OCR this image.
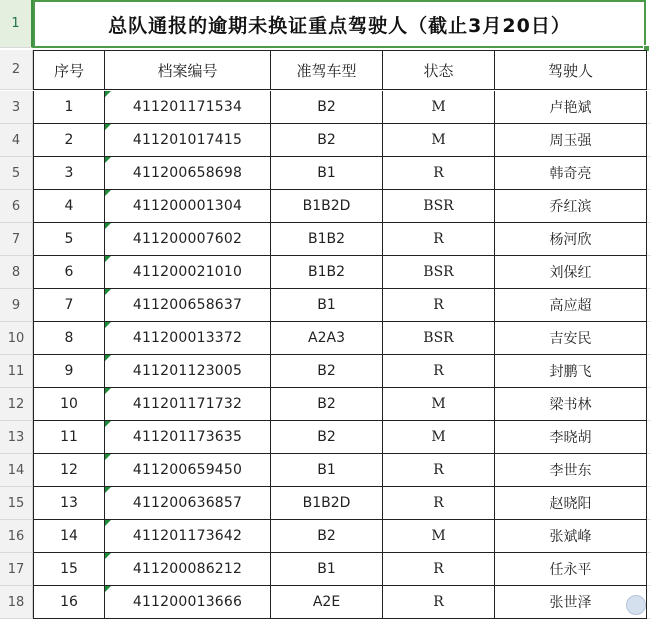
1	总队通报的逾期未换证重点驾驶人（截止3月20日）
2	序号	档案编号	准驾车型	状态	驾驶人
3	1	411201171534	B2	M	卢艳斌
4	2	411201017415	B2	M	周玉强
5	3	411200658698	B1	R	韩奇亮
6	4	411200001304	B1B2D	BSR	乔红滨
7	5	411200007602	B1B2	R	杨河欣
8	6	411200021010	B1B2	BSR	刘保红
9	7	411200658637	B1	R	高应超
10	8	411200013372	A2A3	BSR	吉安民
11	9	411201123005	B2	R	封鹏飞
12	10	411201171732	B2	M	梁书林
13	11	411201173635	B2	M	李晓胡
14	12	411200659450	B1	R	李世东
15	13	411200636857	B1B2D	R	赵晓阳
16	14	411201173642	B2	M	张斌峰
17	15	411200086212	B1	R	任永平
18	16	411200013666	A2E	R	张世泽
